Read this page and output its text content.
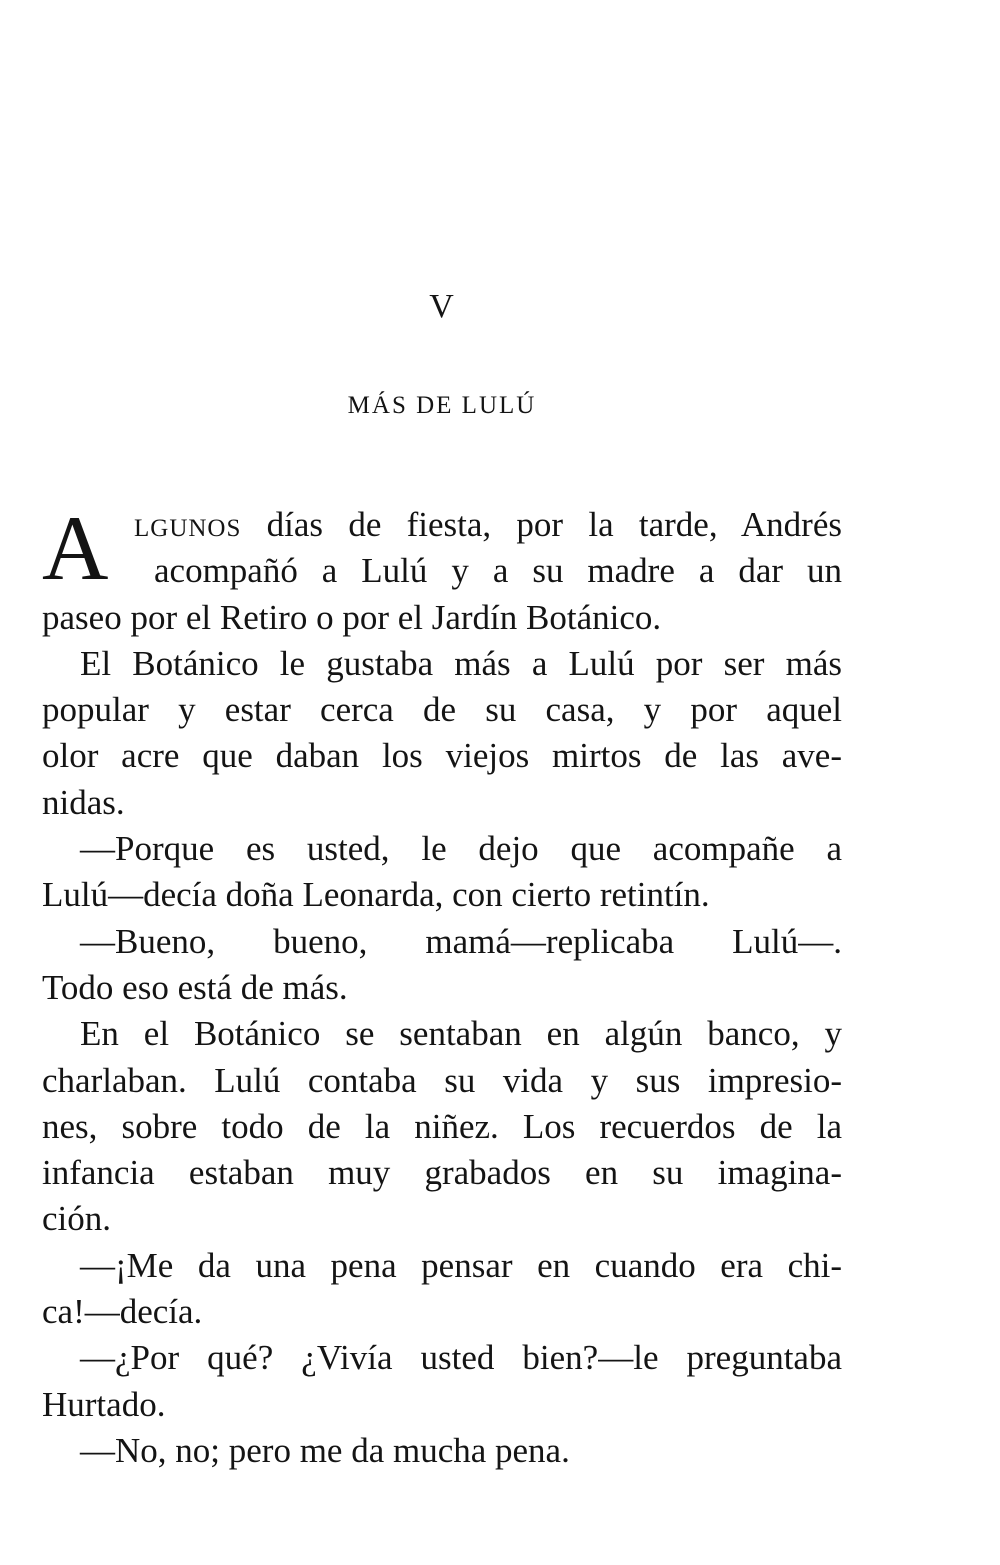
V
MÁS DE LULÚ
A lgunos días de fiesta, por la tarde, Andrés
acompañó a Lulú y a su madre a dar un
paseo por el Retiro o por el Jardín Botánico.
El Botánico le gustaba más a Lulú por ser más
popular y estar cerca de su casa, y por aquel
olor acre que daban los viejos mirtos de las ave-
nidas.
—Porque es usted, le dejo que acompañe a
Lulú—decía doña Leonarda, con cierto retintín.
—Bueno, bueno, mamá—replicaba Lulú—.
Todo eso está de más.
En el Botánico se sentaban en algún banco, y
charlaban. Lulú contaba su vida y sus impresio-
nes, sobre todo de la niñez. Los recuerdos de la
infancia estaban muy grabados en su imagina-
ción.
—¡Me da una pena pensar en cuando era chi-
ca!—decía.
—¿Por qué? ¿Vivía usted bien?—le preguntaba
Hurtado.
—No, no; pero me da mucha pena.
